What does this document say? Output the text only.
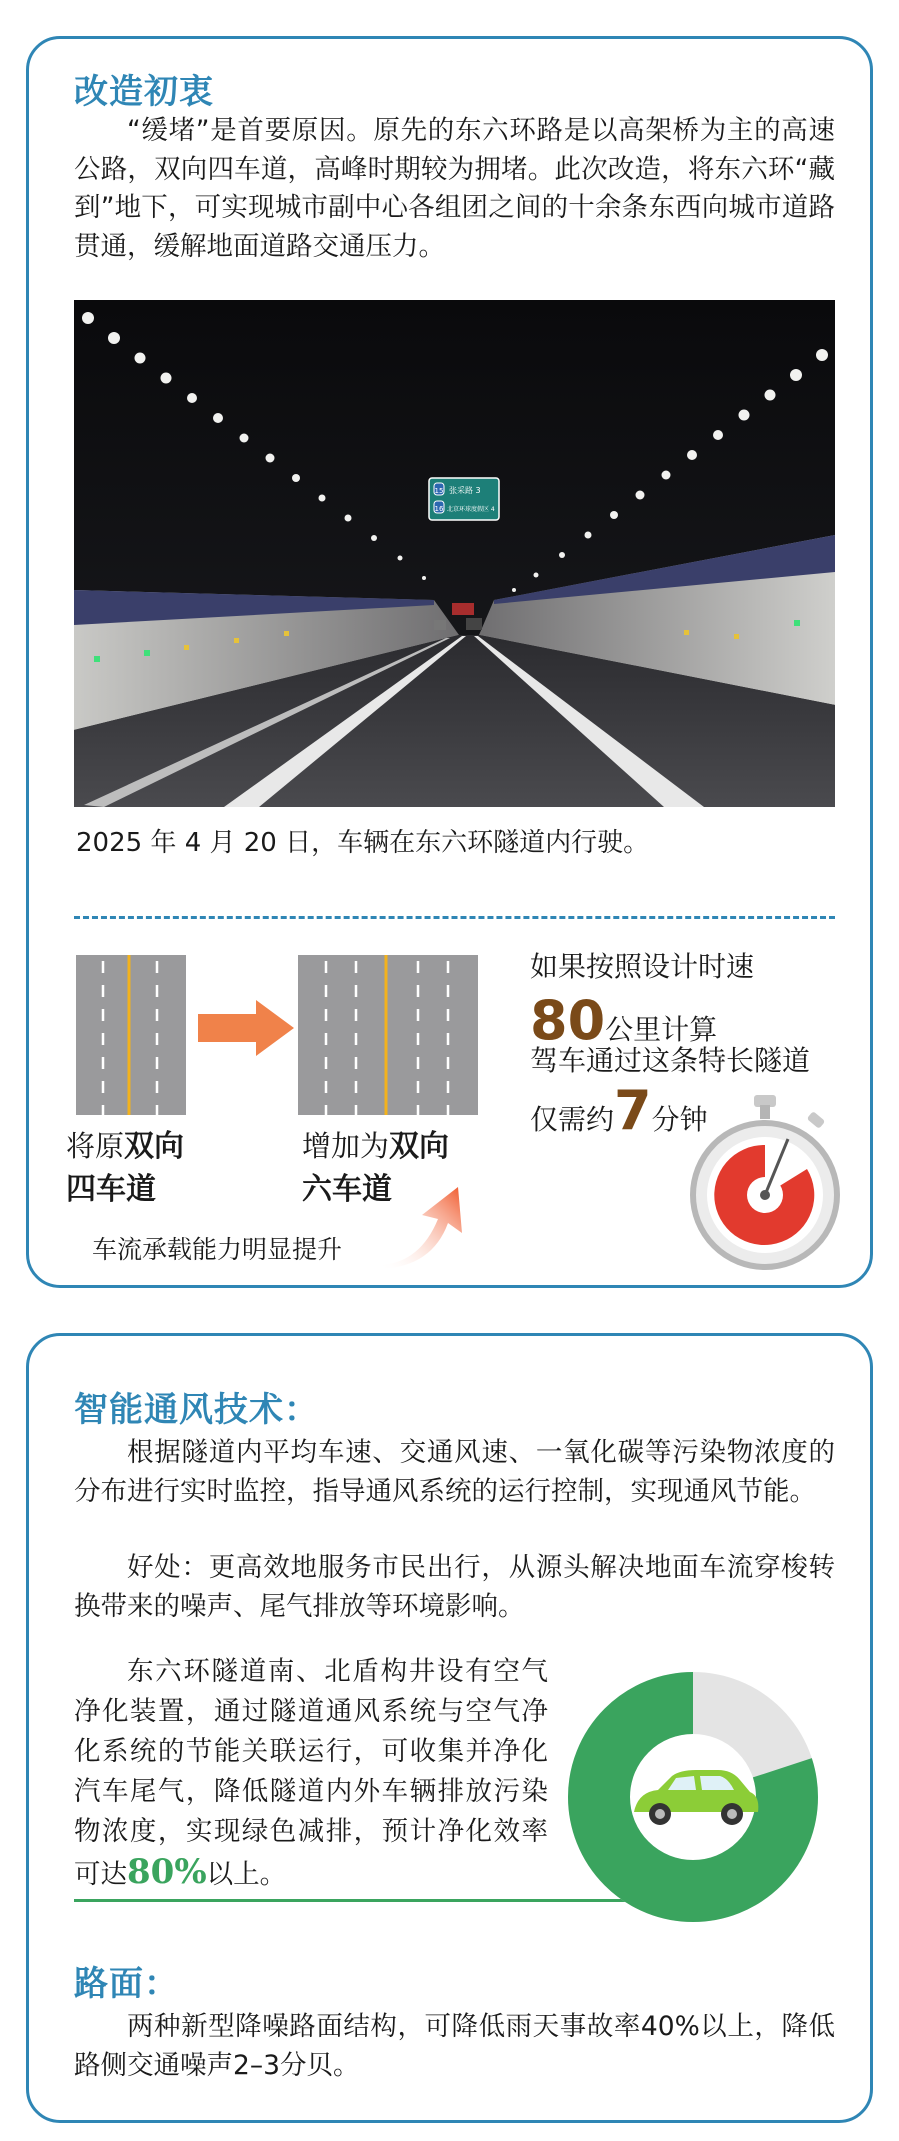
改造初衷

“缓堵”是首要原因。原先的东六环路是以高架桥为主的高速公路，双向四车道，高峰时期较为拥堵。此次改造，将东六环“藏到”地下，可实现城市副中心各组团之间的十余条东西向城市道路贯通，缓解地面道路交通压力。

15 张采路 3
16 北京环球度假区 4
2025 年 4 月 20 日，车辆在东六环隧道内行驶。
将原双向
四车道
增加为双向
六车道
车流承载能力明显提升
如果按照设计时速
80公里计算
驾车通过这条特长隧道
仅需约7分钟
智能通风技术：

根据隧道内平均车速、交通风速、一氧化碳等污染物浓度的分布进行实时监控，指导通风系统的运行控制，实现通风节能。

好处：更高效地服务市民出行，从源头解决地面车流穿梭转换带来的噪声、尾气排放等环境影响。

东六环隧道南、北盾构井设有空气净化装置，通过隧道通风系统与空气净化系统的节能关联运行，可收集并净化汽车尾气，降低隧道内外车辆排放污染物浓度，实现绿色减排，预计净化效率可达80%以上。

路面：

两种新型降噪路面结构，可降低雨天事故率40%以上，降低路侧交通噪声2–3分贝。
